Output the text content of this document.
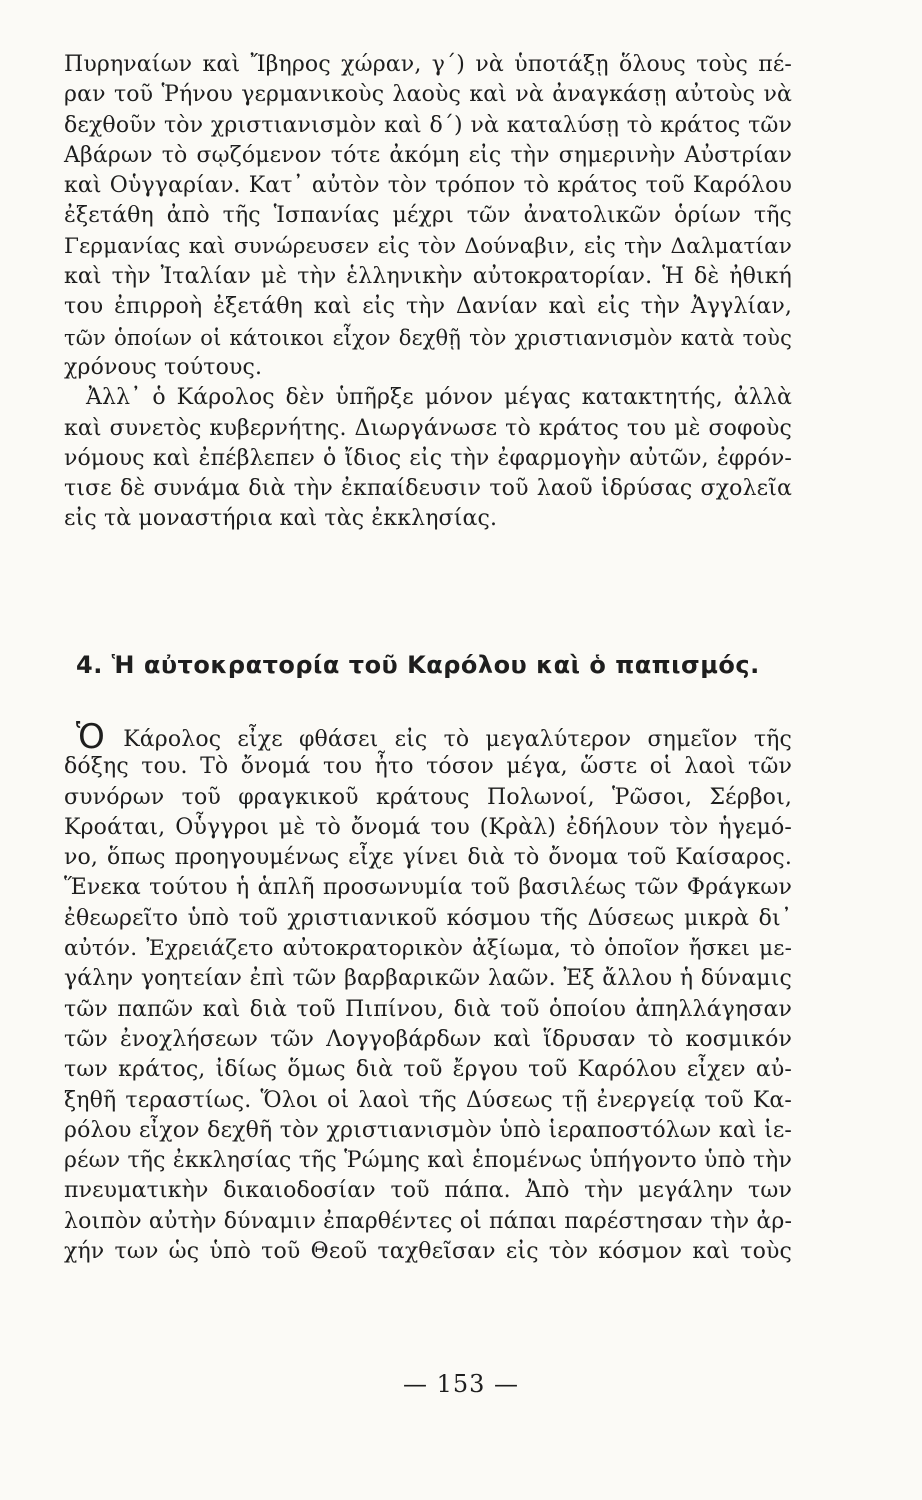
Πυρηναίων καὶ Ἴβηρος χώραν, γ΄) νὰ ὑποτάξῃ ὅλους τοὺς πέ-
ραν τοῦ Ῥήνου γερμανικοὺς λαοὺς καὶ νὰ ἀναγκάσῃ αὐτοὺς νὰ
δεχθοῦν τὸν χριστιανισμὸν καὶ δ΄) νὰ καταλύσῃ τὸ κράτος τῶν
Αβάρων τὸ σῳζόμενον τότε ἀκόμη εἰς τὴν σημερινὴν Αὐστρίαν
καὶ Οὑγγαρίαν. Κατ᾽ αὐτὸν τὸν τρόπον τὸ κράτος τοῦ Καρόλου
ἐξετάθη ἀπὸ τῆς Ἱσπανίας μέχρι τῶν ἀνατολικῶν ὁρίων τῆς
Γερμανίας καὶ συνώρευσεν εἰς τὸν Δούναβιν, εἰς τὴν Δαλματίαν
καὶ τὴν Ἰταλίαν μὲ τὴν ἑλληνικὴν αὐτοκρατορίαν. Ἡ δὲ ἠθική
του ἐπιρροὴ ἐξετάθη καὶ εἰς τὴν Δανίαν καὶ εἰς τὴν Ἀγγλίαν,
τῶν ὁποίων οἱ κάτοικοι εἶχον δεχθῇ τὸν χριστιανισμὸν κατὰ τοὺς
χρόνους τούτους.
Ἀλλ᾽ ὁ Κάρολος δὲν ὑπῆρξε μόνον μέγας κατακτητής, ἀλλὰ
καὶ συνετὸς κυβερνήτης. Διωργάνωσε τὸ κράτος του μὲ σοφοὺς
νόμους καὶ ἐπέβλεπεν ὁ ἴδιος εἰς τὴν ἐφαρμογὴν αὐτῶν, ἐφρόν-
τισε δὲ συνάμα διὰ τὴν ἐκπαίδευσιν τοῦ λαοῦ ἱδρύσας σχολεῖα
εἰς τὰ μοναστήρια καὶ τὰς ἐκκλησίας.
4. Ἡ αὐτοκρατορία τοῦ Καρόλου καὶ ὁ παπισμός.
Ὁ Κάρολος εἶχε φθάσει εἰς τὸ μεγαλύτερον σημεῖον τῆς
δόξης του. Τὸ ὄνομά του ἦτο τόσον μέγα, ὥστε οἱ λαοὶ τῶν
συνόρων τοῦ φραγκικοῦ κράτους Πολωνοί, Ῥῶσοι, Σέρβοι,
Κροάται, Οὗγγροι μὲ τὸ ὄνομά του (Κρὰλ) ἐδήλουν τὸν ἡγεμό-
νο, ὅπως προηγουμένως εἶχε γίνει διὰ τὸ ὄνομα τοῦ Καίσαρος.
Ἕνεκα τούτου ἡ ἁπλῆ προσωνυμία τοῦ βασιλέως τῶν Φράγκων
ἐθεωρεῖτο ὑπὸ τοῦ χριστιανικοῦ κόσμου τῆς Δύσεως μικρὰ δι᾽
αὐτόν. Ἐχρειάζετο αὐτοκρατορικὸν ἀξίωμα, τὸ ὁποῖον ἤσκει με-
γάλην γοητείαν ἐπὶ τῶν βαρβαρικῶν λαῶν. Ἐξ ἄλλου ἡ δύναμις
τῶν παπῶν καὶ διὰ τοῦ Πιπίνου, διὰ τοῦ ὁποίου ἀπηλλάγησαν
τῶν ἐνοχλήσεων τῶν Λογγοβάρδων καὶ ἵδρυσαν τὸ κοσμικόν
των κράτος, ἰδίως ὅμως διὰ τοῦ ἔργου τοῦ Καρόλου εἶχεν αὐ-
ξηθῆ τεραστίως. Ὅλοι οἱ λαοὶ τῆς Δύσεως τῇ ἐνεργείᾳ τοῦ Κα-
ρόλου εἶχον δεχθῆ τὸν χριστιανισμὸν ὑπὸ ἱεραποστόλων καὶ ἱε-
ρέων τῆς ἐκκλησίας τῆς Ῥώμης καὶ ἑπομένως ὑπήγοντο ὑπὸ τὴν
πνευματικὴν δικαιοδοσίαν τοῦ πάπα. Ἀπὸ τὴν μεγάλην των
λοιπὸν αὐτὴν δύναμιν ἐπαρθέντες οἱ πάπαι παρέστησαν τὴν ἀρ-
χήν των ὡς ὑπὸ τοῦ Θεοῦ ταχθεῖσαν εἰς τὸν κόσμον καὶ τοὺς
— 153 —
